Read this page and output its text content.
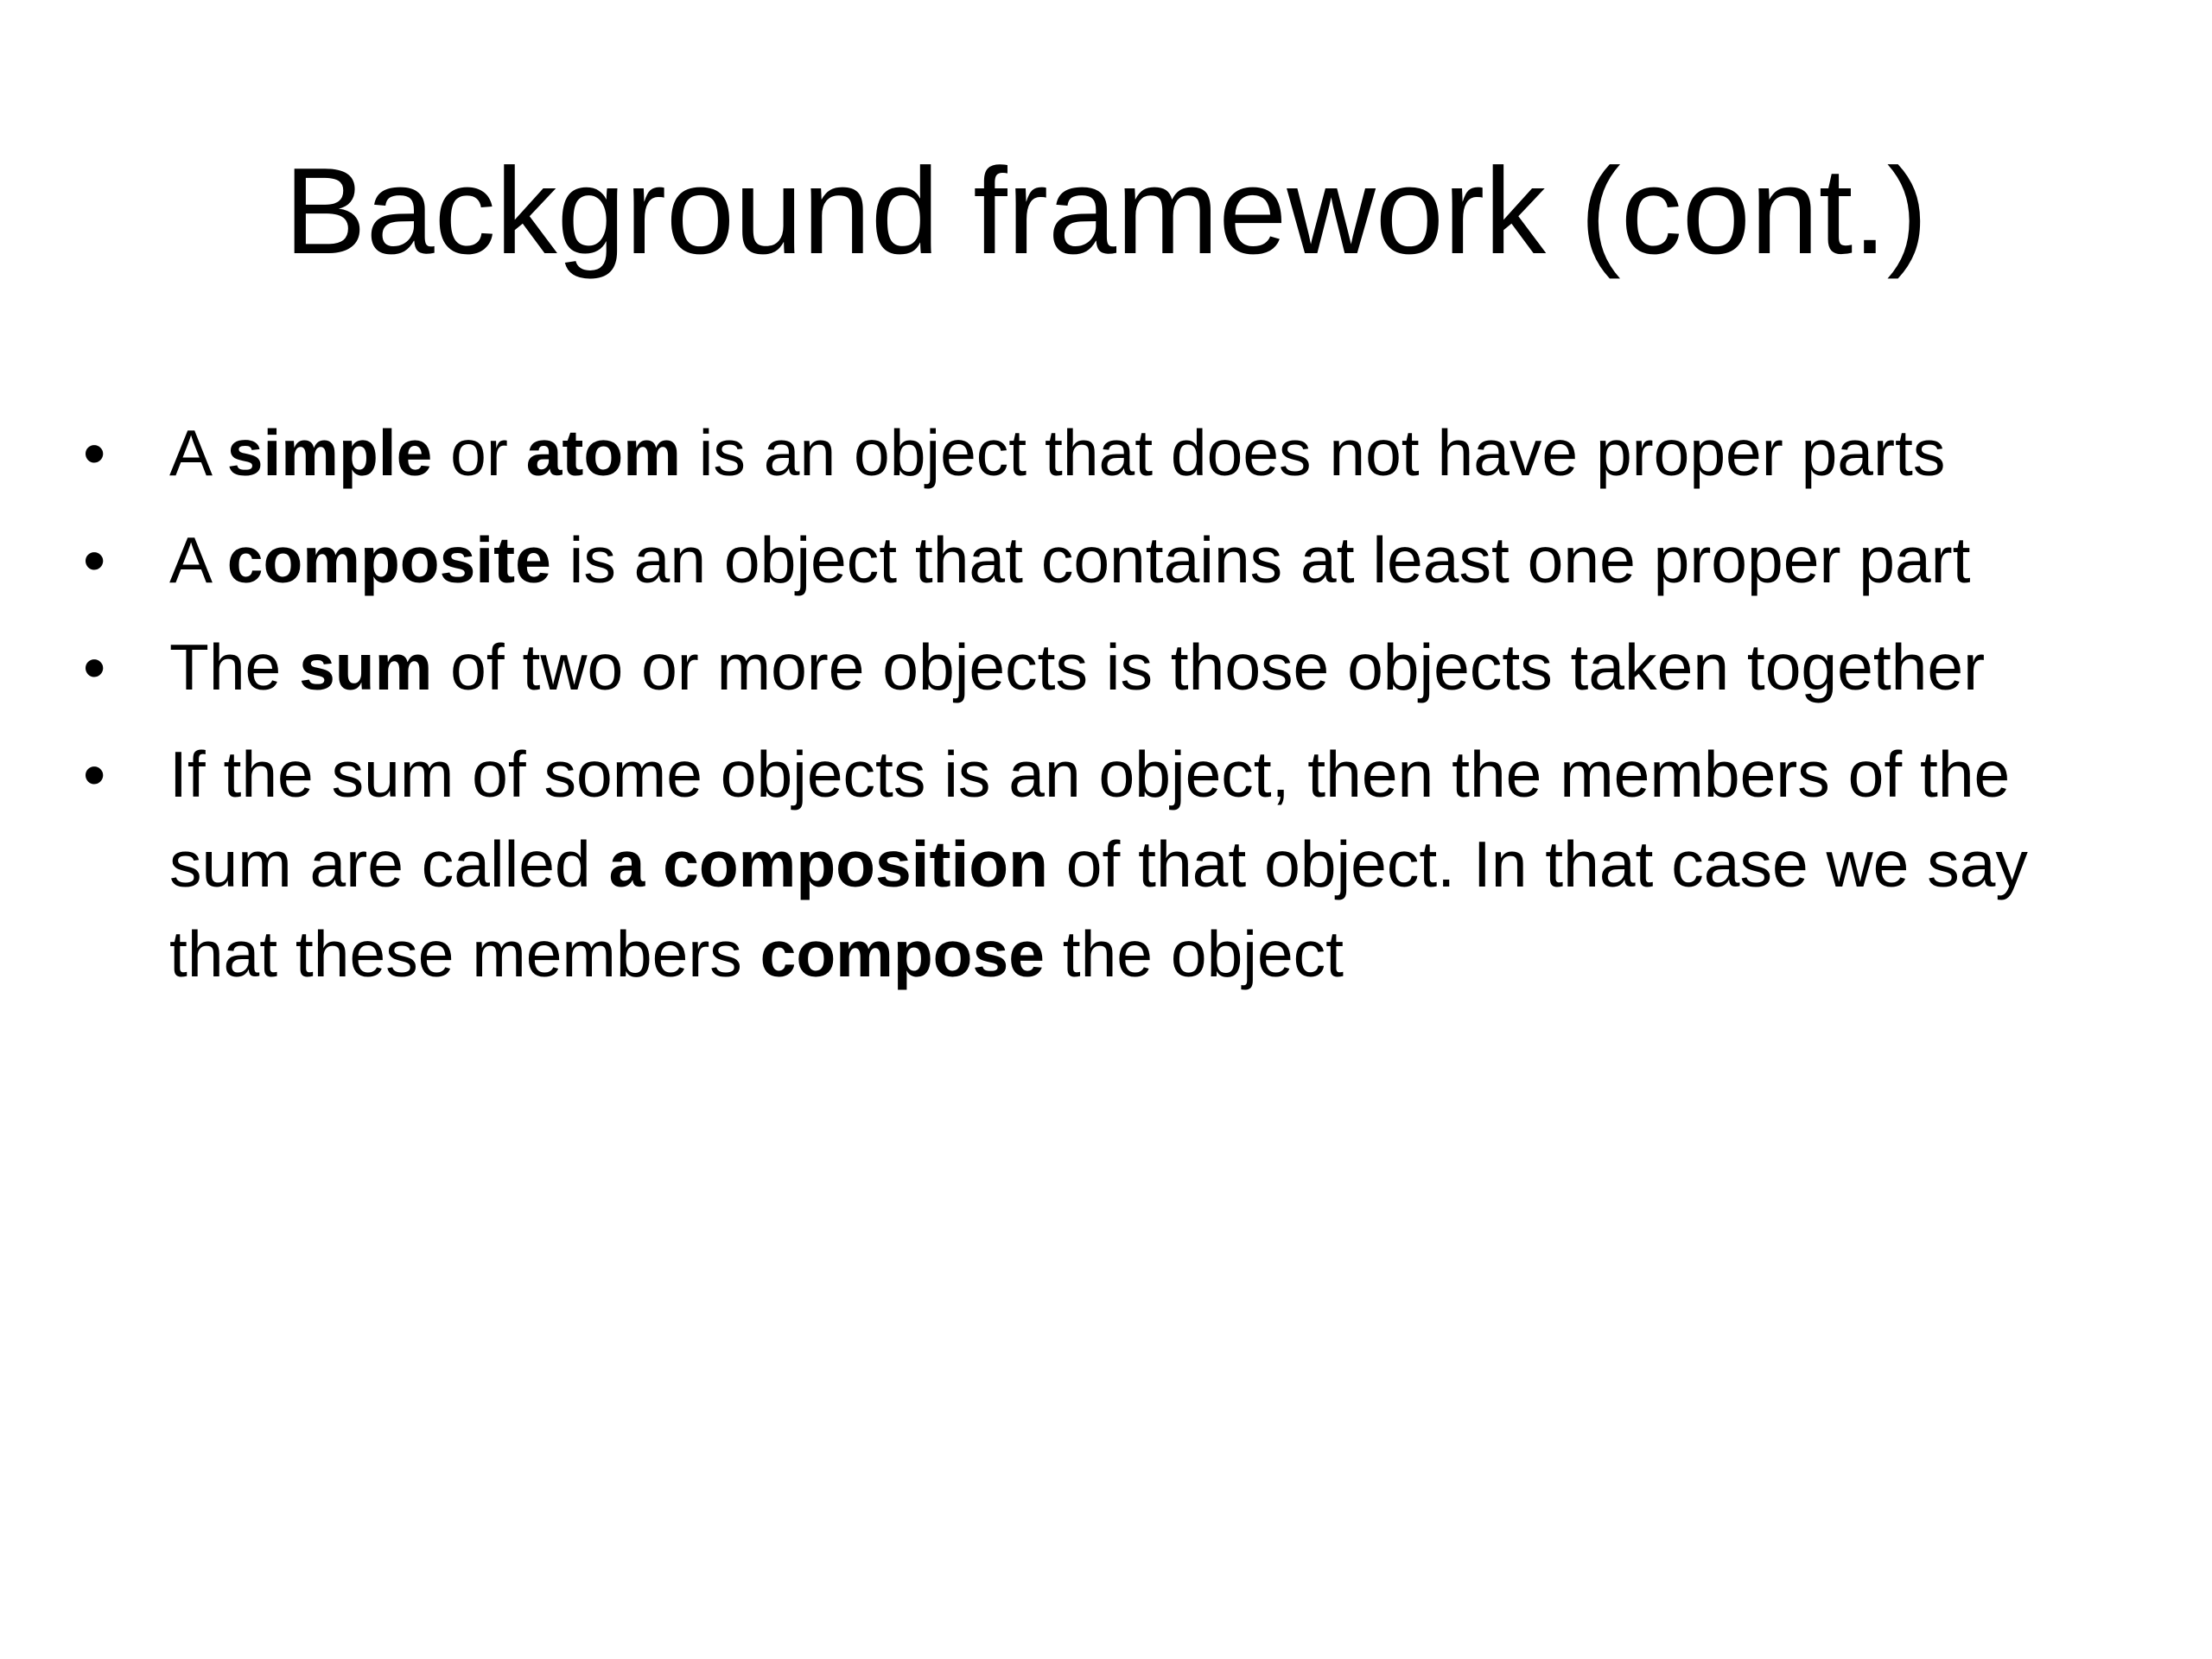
Background framework (cont.)
• A simple or atom is an object that does not have proper parts
• A composite is an object that contains at least one proper part
• The sum of two or more objects is those objects taken together
• If the sum of some objects is an object, then the members of the sum are called a composition of that object. In that case we say that these members compose the object
